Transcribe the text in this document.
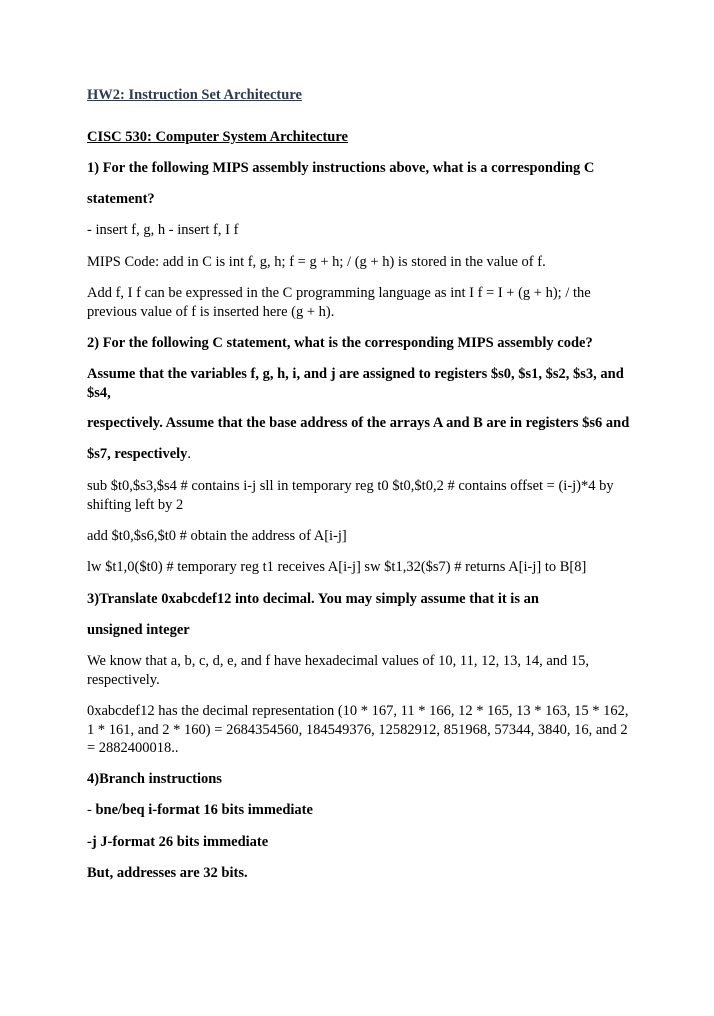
HW2: Instruction Set Architecture
CISC 530: Computer System Architecture
1) For the following MIPS assembly instructions above, what is a corresponding C
statement?
- insert f, g, h - insert f, I f
MIPS Code: add in C is int f, g, h; f = g + h; / (g + h) is stored in the value of f.
Add f, I f can be expressed in the C programming language as int I f = I + (g + h); / the previous value of f is inserted here (g + h).
2) For the following C statement, what is the corresponding MIPS assembly code?
Assume that the variables f, g, h, i, and j are assigned to registers $s0, $s1, $s2, $s3, and $s4,
respectively. Assume that the base address of the arrays A and B are in registers $s6 and
$s7, respectively.
sub $t0,$s3,$s4 # contains i-j sll in temporary reg t0 $t0,$t0,2 # contains offset = (i-j)*4 by shifting left by 2
add $t0,$s6,$t0 # obtain the address of A[i-j]
lw $t1,0($t0) # temporary reg t1 receives A[i-j] sw $t1,32($s7) # returns A[i-j] to B[8]
3)Translate 0xabcdef12 into decimal. You may simply assume that it is an
unsigned integer
We know that a, b, c, d, e, and f have hexadecimal values of 10, 11, 12, 13, 14, and 15, respectively.
0xabcdef12 has the decimal representation (10 * 167, 11 * 166, 12 * 165, 13 * 163, 15 * 162, 1 * 161, and 2 * 160) = 2684354560, 184549376, 12582912, 851968, 57344, 3840, 16, and 2 = 2882400018..
4)Branch instructions
- bne/beq i-format 16 bits immediate
-j J-format 26 bits immediate
But, addresses are 32 bits.
